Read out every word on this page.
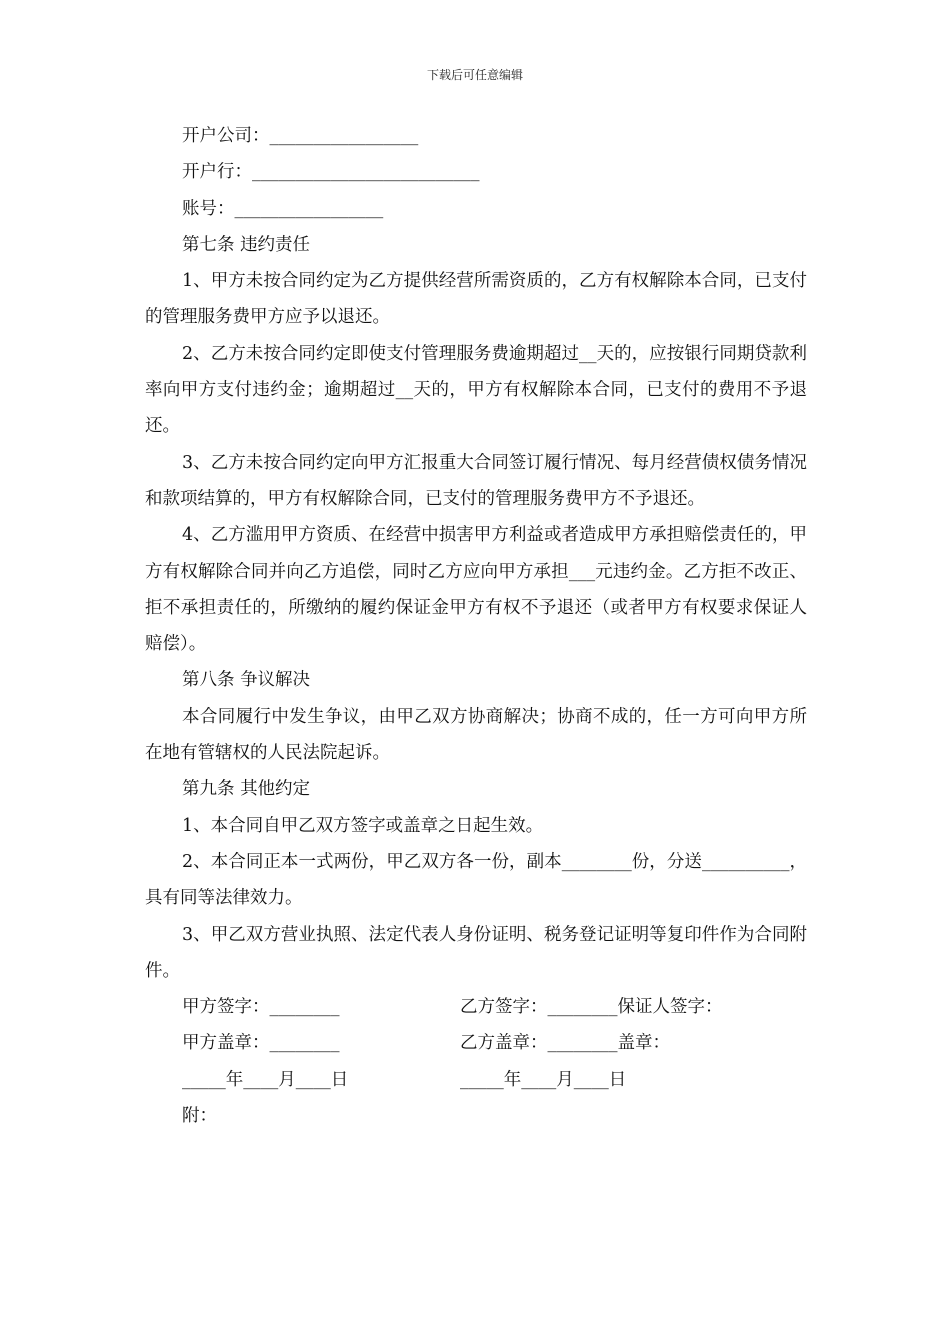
下载后可任意编辑
开户公司：_________________
开户行：__________________________
账号：_________________
第七条 违约责任
1、甲方未按合同约定为乙方提供经营所需资质的，乙方有权解除本合同，已支付的管理服务费甲方应予以退还。
2、乙方未按合同约定即使支付管理服务费逾期超过__天的，应按银行同期贷款利率向甲方支付违约金；逾期超过__天的，甲方有权解除本合同，已支付的费用不予退还。
3、乙方未按合同约定向甲方汇报重大合同签订履行情况、每月经营债权债务情况和款项结算的，甲方有权解除合同，已支付的管理服务费甲方不予退还。
4、乙方滥用甲方资质、在经营中损害甲方利益或者造成甲方承担赔偿责任的，甲方有权解除合同并向乙方追偿，同时乙方应向甲方承担___元违约金。乙方拒不改正、拒不承担责任的，所缴纳的履约保证金甲方有权不予退还（或者甲方有权要求保证人赔偿）。
第八条 争议解决
本合同履行中发生争议，由甲乙双方协商解决；协商不成的，任一方可向甲方所在地有管辖权的人民法院起诉。
第九条 其他约定
1、本合同自甲乙双方签字或盖章之日起生效。
2、本合同正本一式两份，甲乙双方各一份，副本________份，分送__________，具有同等法律效力。
3、甲乙双方营业执照、法定代表人身份证明、税务登记证明等复印件作为合同附件。
甲方签字：________	乙方签字：________保证人签字：
甲方盖章：________	乙方盖章：________盖章：
_____年____月____日	_____年____月____日
附：
